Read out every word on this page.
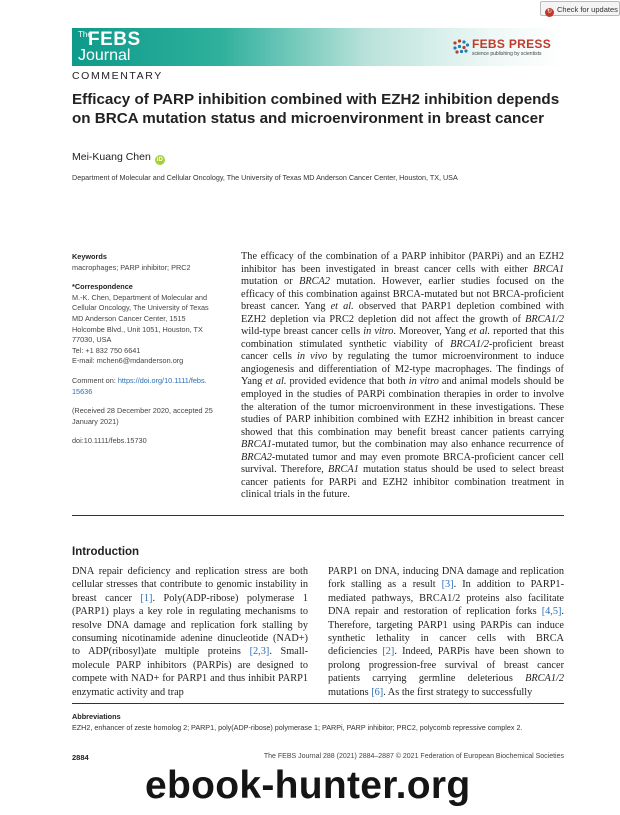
↻ Check for updates
The
FEBS
Journal
FEBS PRESS
science publishing by scientists
COMMENTARY
Efficacy of PARP inhibition combined with EZH2 inhibition depends on BRCA mutation status and microenvironment in breast cancer
Mei-Kuang Chen iD
Department of Molecular and Cellular Oncology, The University of Texas MD Anderson Cancer Center, Houston, TX, USA

Keywords

macrophages; PARP inhibitor; PRC2

*Correspondence

M.-K. Chen, Department of Molecular and

Cellular Oncology, The University of Texas

MD Anderson Cancer Center, 1515

Holcombe Blvd., Unit 1051, Houston, TX

77030, USA

Tel: +1 832 750 6641

E-mail: mchen6@mdanderson.org

Comment on: https://doi.org/10.1111/febs.

15636

(Received 28 December 2020, accepted 25

January 2021)

doi:10.1111/febs.15730

The efficacy of the combination of a PARP inhibitor (PARPi) and an EZH2 inhibitor has been investigated in breast cancer cells with either BRCA1 mutation or BRCA2 mutation. However, earlier studies focused on the efficacy of this combination against BRCA-mutated but not BRCA-proficient breast cancer. Yang et al. observed that PARP1 depletion combined with EZH2 depletion via PRC2 depletion did not affect the growth of BRCA1/2 wild-type breast cancer cells in vitro. Moreover, Yang et al. reported that this combination stimulated synthetic viability of BRCA1/2-proficient breast cancer cells in vivo by regulating the tumor microenvironment to induce angiogenesis and differentiation of M2-type macrophages. The findings of Yang et al. provided evidence that both in vitro and animal models should be employed in the studies of PARPi combination therapies in order to involve the alteration of the tumor microenvironment in these investigations. These studies of PARP inhibition combined with EZH2 inhibition in breast cancer showed that this combination may benefit breast cancer patients carrying BRCA1-mutated tumor, but the combination may also enhance recurrence of BRCA2-mutated tumor and may even promote BRCA-proficient cancer cell survival. Therefore, BRCA1 mutation status should be used to select breast cancer patients for PARPi and EZH2 inhibitor combination treatment in clinical trials in the future.

Introduction

DNA repair deficiency and replication stress are both cellular stresses that contribute to genomic instability in breast cancer [1]. Poly(ADP-ribose) polymerase 1 (PARP1) plays a key role in regulating mechanisms to resolve DNA damage and replication fork stalling by consuming nicotinamide adenine dinucleotide (NAD+) to ADP(ribosyl)ate multiple proteins [2,3]. Small-molecule PARP inhibitors (PARPis) are designed to compete with NAD+ for PARP1 and thus inhibit PARP1 enzymatic activity and trap

PARP1 on DNA, inducing DNA damage and replication fork stalling as a result [3]. In addition to PARP1-mediated pathways, BRCA1/2 proteins also facilitate DNA repair and restoration of replication forks [4,5]. Therefore, targeting PARP1 using PARPis can induce synthetic lethality in cancer cells with BRCA deficiencies [2]. Indeed, PARPis have been shown to prolong progression-free survival of breast cancer patients carrying germline deleterious BRCA1/2 mutations [6]. As the first strategy to successfully

Abbreviations
EZH2, enhancer of zeste homolog 2; PARP1, poly(ADP-ribose) polymerase 1; PARPi, PARP inhibitor; PRC2, polycomb repressive complex 2.
2884	The FEBS Journal 288 (2021) 2884–2887 © 2021 Federation of European Biochemical Societies
ebook-hunter.org
